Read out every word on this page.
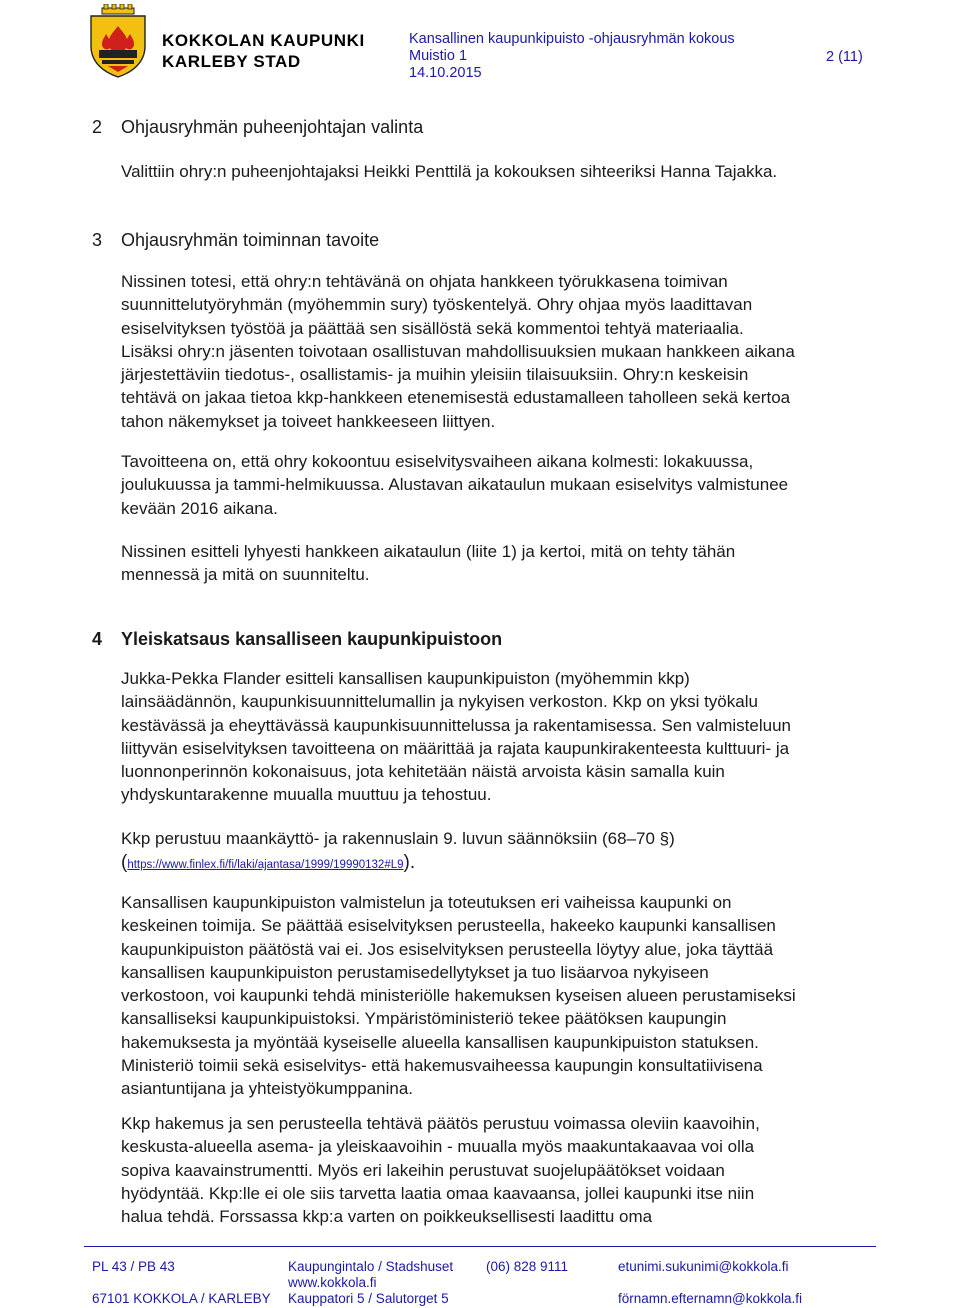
KOKKOLAN KAUPUNKI
KARLEBY STAD
Kansallinen kaupunkipuisto -ohjausryhmän kokous
Muistio 1
14.10.2015
2 (11)
2 Ohjausryhmän puheenjohtajan valinta
Valittiin ohry:n puheenjohtajaksi Heikki Penttilä ja kokouksen sihteeriksi Hanna Tajakka.
3 Ohjausryhmän toiminnan tavoite
Nissinen totesi, että ohry:n tehtävänä on ohjata hankkeen työrukkasena toimivan
suunnittelutyöryhmän (myöhemmin sury) työskentelyä. Ohry ohjaa myös laadittavan
esiselvityksen työstöä ja päättää sen sisällöstä sekä kommentoi tehtyä materiaalia.
Lisäksi ohry:n jäsenten toivotaan osallistuvan mahdollisuuksien mukaan hankkeen aikana
järjestettäviin tiedotus-, osallistamis- ja muihin yleisiin tilaisuuksiin. Ohry:n keskeisin
tehtävä on jakaa tietoa kkp-hankkeen etenemisestä edustamalleen taholleen sekä kertoa
tahon näkemykset ja toiveet hankkeeseen liittyen.
Tavoitteena on, että ohry kokoontuu esiselvitysvaiheen aikana kolmesti: lokakuussa,
joulukuussa ja tammi-helmikuussa. Alustavan aikataulun mukaan esiselvitys valmistunee
kevään 2016 aikana.
Nissinen esitteli lyhyesti hankkeen aikataulun (liite 1) ja kertoi, mitä on tehty tähän
mennessä ja mitä on suunniteltu.
4 Yleiskatsaus kansalliseen kaupunkipuistoon
Jukka-Pekka Flander esitteli kansallisen kaupunkipuiston (myöhemmin kkp)
lainsäädännön, kaupunkisuunnittelumallin ja nykyisen verkoston. Kkp on yksi työkalu
kestävässä ja eheyttävässä kaupunkisuunnittelussa ja rakentamisessa. Sen valmisteluun
liittyvän esiselvityksen tavoitteena on määrittää ja rajata kaupunkirakenteesta kulttuuri- ja
luonnonperinnön kokonaisuus, jota kehitetään näistä arvoista käsin samalla kuin
yhdyskuntarakenne muualla muuttuu ja tehostuu.
Kkp perustuu maankäyttö- ja rakennuslain 9. luvun säännöksiin (68–70 §)
(https://www.finlex.fi/fi/laki/ajantasa/1999/19990132#L9).
Kansallisen kaupunkipuiston valmistelun ja toteutuksen eri vaiheissa kaupunki on
keskeinen toimija. Se päättää esiselvityksen perusteella, hakeeko kaupunki kansallisen
kaupunkipuiston päätöstä vai ei. Jos esiselvityksen perusteella löytyy alue, joka täyttää
kansallisen kaupunkipuiston perustamisedellytykset ja tuo lisäarvoa nykyiseen
verkostoon, voi kaupunki tehdä ministeriölle hakemuksen kyseisen alueen perustamiseksi
kansalliseksi kaupunkipuistoksi. Ympäristöministeriö tekee päätöksen kaupungin
hakemuksesta ja myöntää kyseiselle alueella kansallisen kaupunkipuiston statuksen.
Ministeriö toimii sekä esiselvitys- että hakemusvaiheessa kaupungin konsultatiivisena
asiantuntijana ja yhteistyökumppanina.
Kkp hakemus ja sen perusteella tehtävä päätös perustuu voimassa oleviin kaavoihin,
keskusta-alueella asema- ja yleiskaavoihin - muualla myös maakuntakaavaa voi olla
sopiva kaavainstrumentti. Myös eri lakeihin perustuvat suojelupäätökset voidaan
hyödyntää. Kkp:lle ei ole siis tarvetta laatia omaa kaavaansa, jollei kaupunki itse niin
halua tehdä. Forssassa kkp:a varten on poikkeuksellisesti laadittu oma
PL 43 / PB 43
67101 KOKKOLA / KARLEBY
Kaupungintalo / Stadshuset
www.kokkola.fi
Kauppatori 5 / Salutorget 5
(06) 828 9111	etunimi.sukunimi@kokkola.fi
förnamn.efternamn@kokkola.fi
